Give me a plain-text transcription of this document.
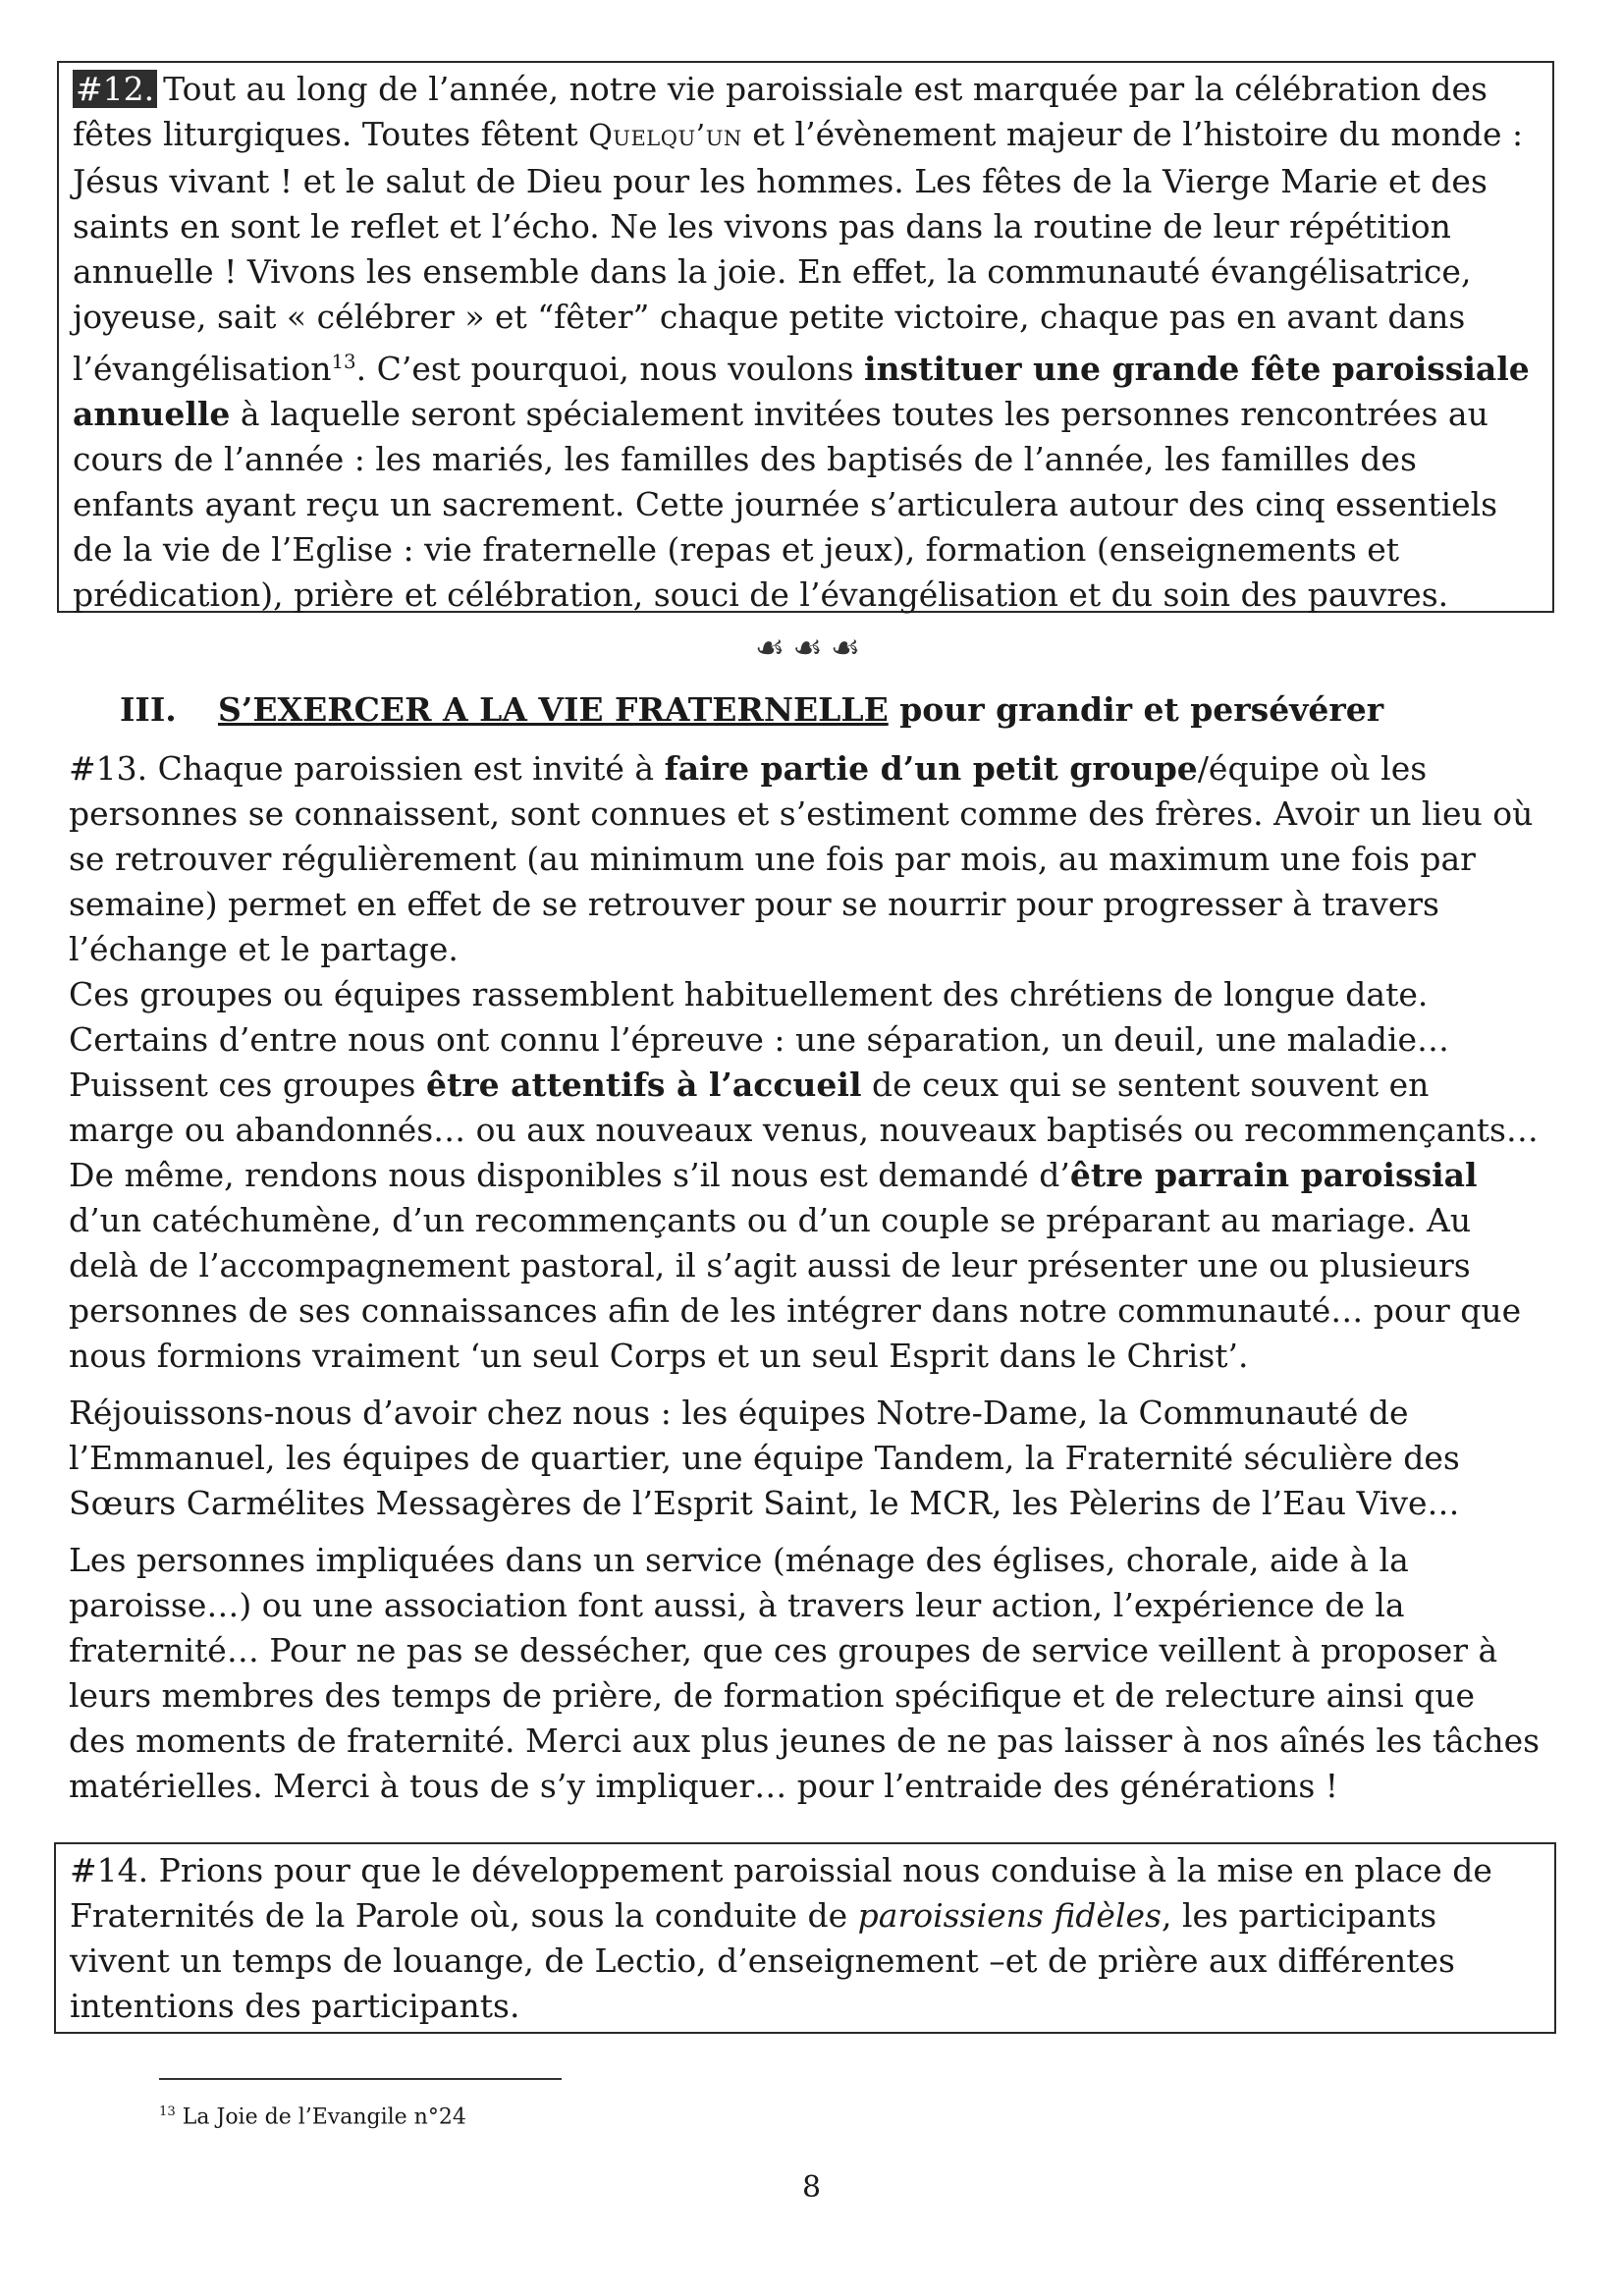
#12. Tout au long de l’année, notre vie paroissiale est marquée par la célébration des fêtes liturgiques. Toutes fêtent Quelqu’un et l’évènement majeur de l’histoire du monde : Jésus vivant ! et le salut de Dieu pour les hommes. Les fêtes de la Vierge Marie et des saints en sont le reflet et l’écho. Ne les vivons pas dans la routine de leur répétition annuelle ! Vivons les ensemble dans la joie. En effet, la communauté évangélisatrice, joyeuse, sait « célébrer » et “fêter” chaque petite victoire, chaque pas en avant dans l’évangélisation$^{13}$. C’est pourquoi, nous voulons instituer une grande fête paroissiale annuelle à laquelle seront spécialement invitées toutes les personnes rencontrées au cours de l’année : les mariés, les familles des baptisés de l’année, les familles des enfants ayant reçu un sacrement. Cette journée s’articulera autour des cinq essentiels de la vie de l’Eglise : vie fraternelle (repas et jeux), formation (enseignements et prédication), prière et célébration, souci de l’évangélisation et du soin des pauvres.
☙☙☙
III. S’EXERCER A LA VIE FRATERNELLE pour grandir et persévérer

#13. Chaque paroissien est invité à faire partie d’un petit groupe/équipe où les personnes se connaissent, sont connues et s’estiment comme des frères. Avoir un lieu où se retrouver régulièrement (au minimum une fois par mois, au maximum une fois par semaine) permet en effet de se retrouver pour se nourrir pour progresser à travers l’échange et le partage.

Ces groupes ou équipes rassemblent habituellement des chrétiens de longue date. Certains d’entre nous ont connu l’épreuve : une séparation, un deuil, une maladie… Puissent ces groupes être attentifs à l’accueil de ceux qui se sentent souvent en marge ou abandonnés… ou aux nouveaux venus, nouveaux baptisés ou recommençants…

De même, rendons nous disponibles s’il nous est demandé d’être parrain paroissial d’un catéchumène, d’un recommençants ou d’un couple se préparant au mariage. Au delà de l’accompagnement pastoral, il s’agit aussi de leur présenter une ou plusieurs personnes de ses connaissances afin de les intégrer dans notre communauté… pour que nous formions vraiment ‘un seul Corps et un seul Esprit dans le Christ’.

Réjouissons-nous d’avoir chez nous : les équipes Notre-Dame, la Communauté de l’Emmanuel, les équipes de quartier, une équipe Tandem, la Fraternité séculière des Sœurs Carmélites Messagères de l’Esprit Saint, le MCR, les Pèlerins de l’Eau Vive…

Les personnes impliquées dans un service (ménage des églises, chorale, aide à la paroisse…) ou une association font aussi, à travers leur action, l’expérience de la fraternité… Pour ne pas se dessécher, que ces groupes de service veillent à proposer à leurs membres des temps de prière, de formation spécifique et de relecture ainsi que des moments de fraternité. Merci aux plus jeunes de ne pas laisser à nos aînés les tâches matérielles. Merci à tous de s’y impliquer… pour l’entraide des générations !

#14. Prions pour que le développement paroissial nous conduise à la mise en place de Fraternités de la Parole où, sous la conduite de paroissiens fidèles, les participants vivent un temps de louange, de Lectio, d’enseignement –et de prière aux différentes intentions des participants.
$^{13}$ La Joie de l’Evangile n°24
8
